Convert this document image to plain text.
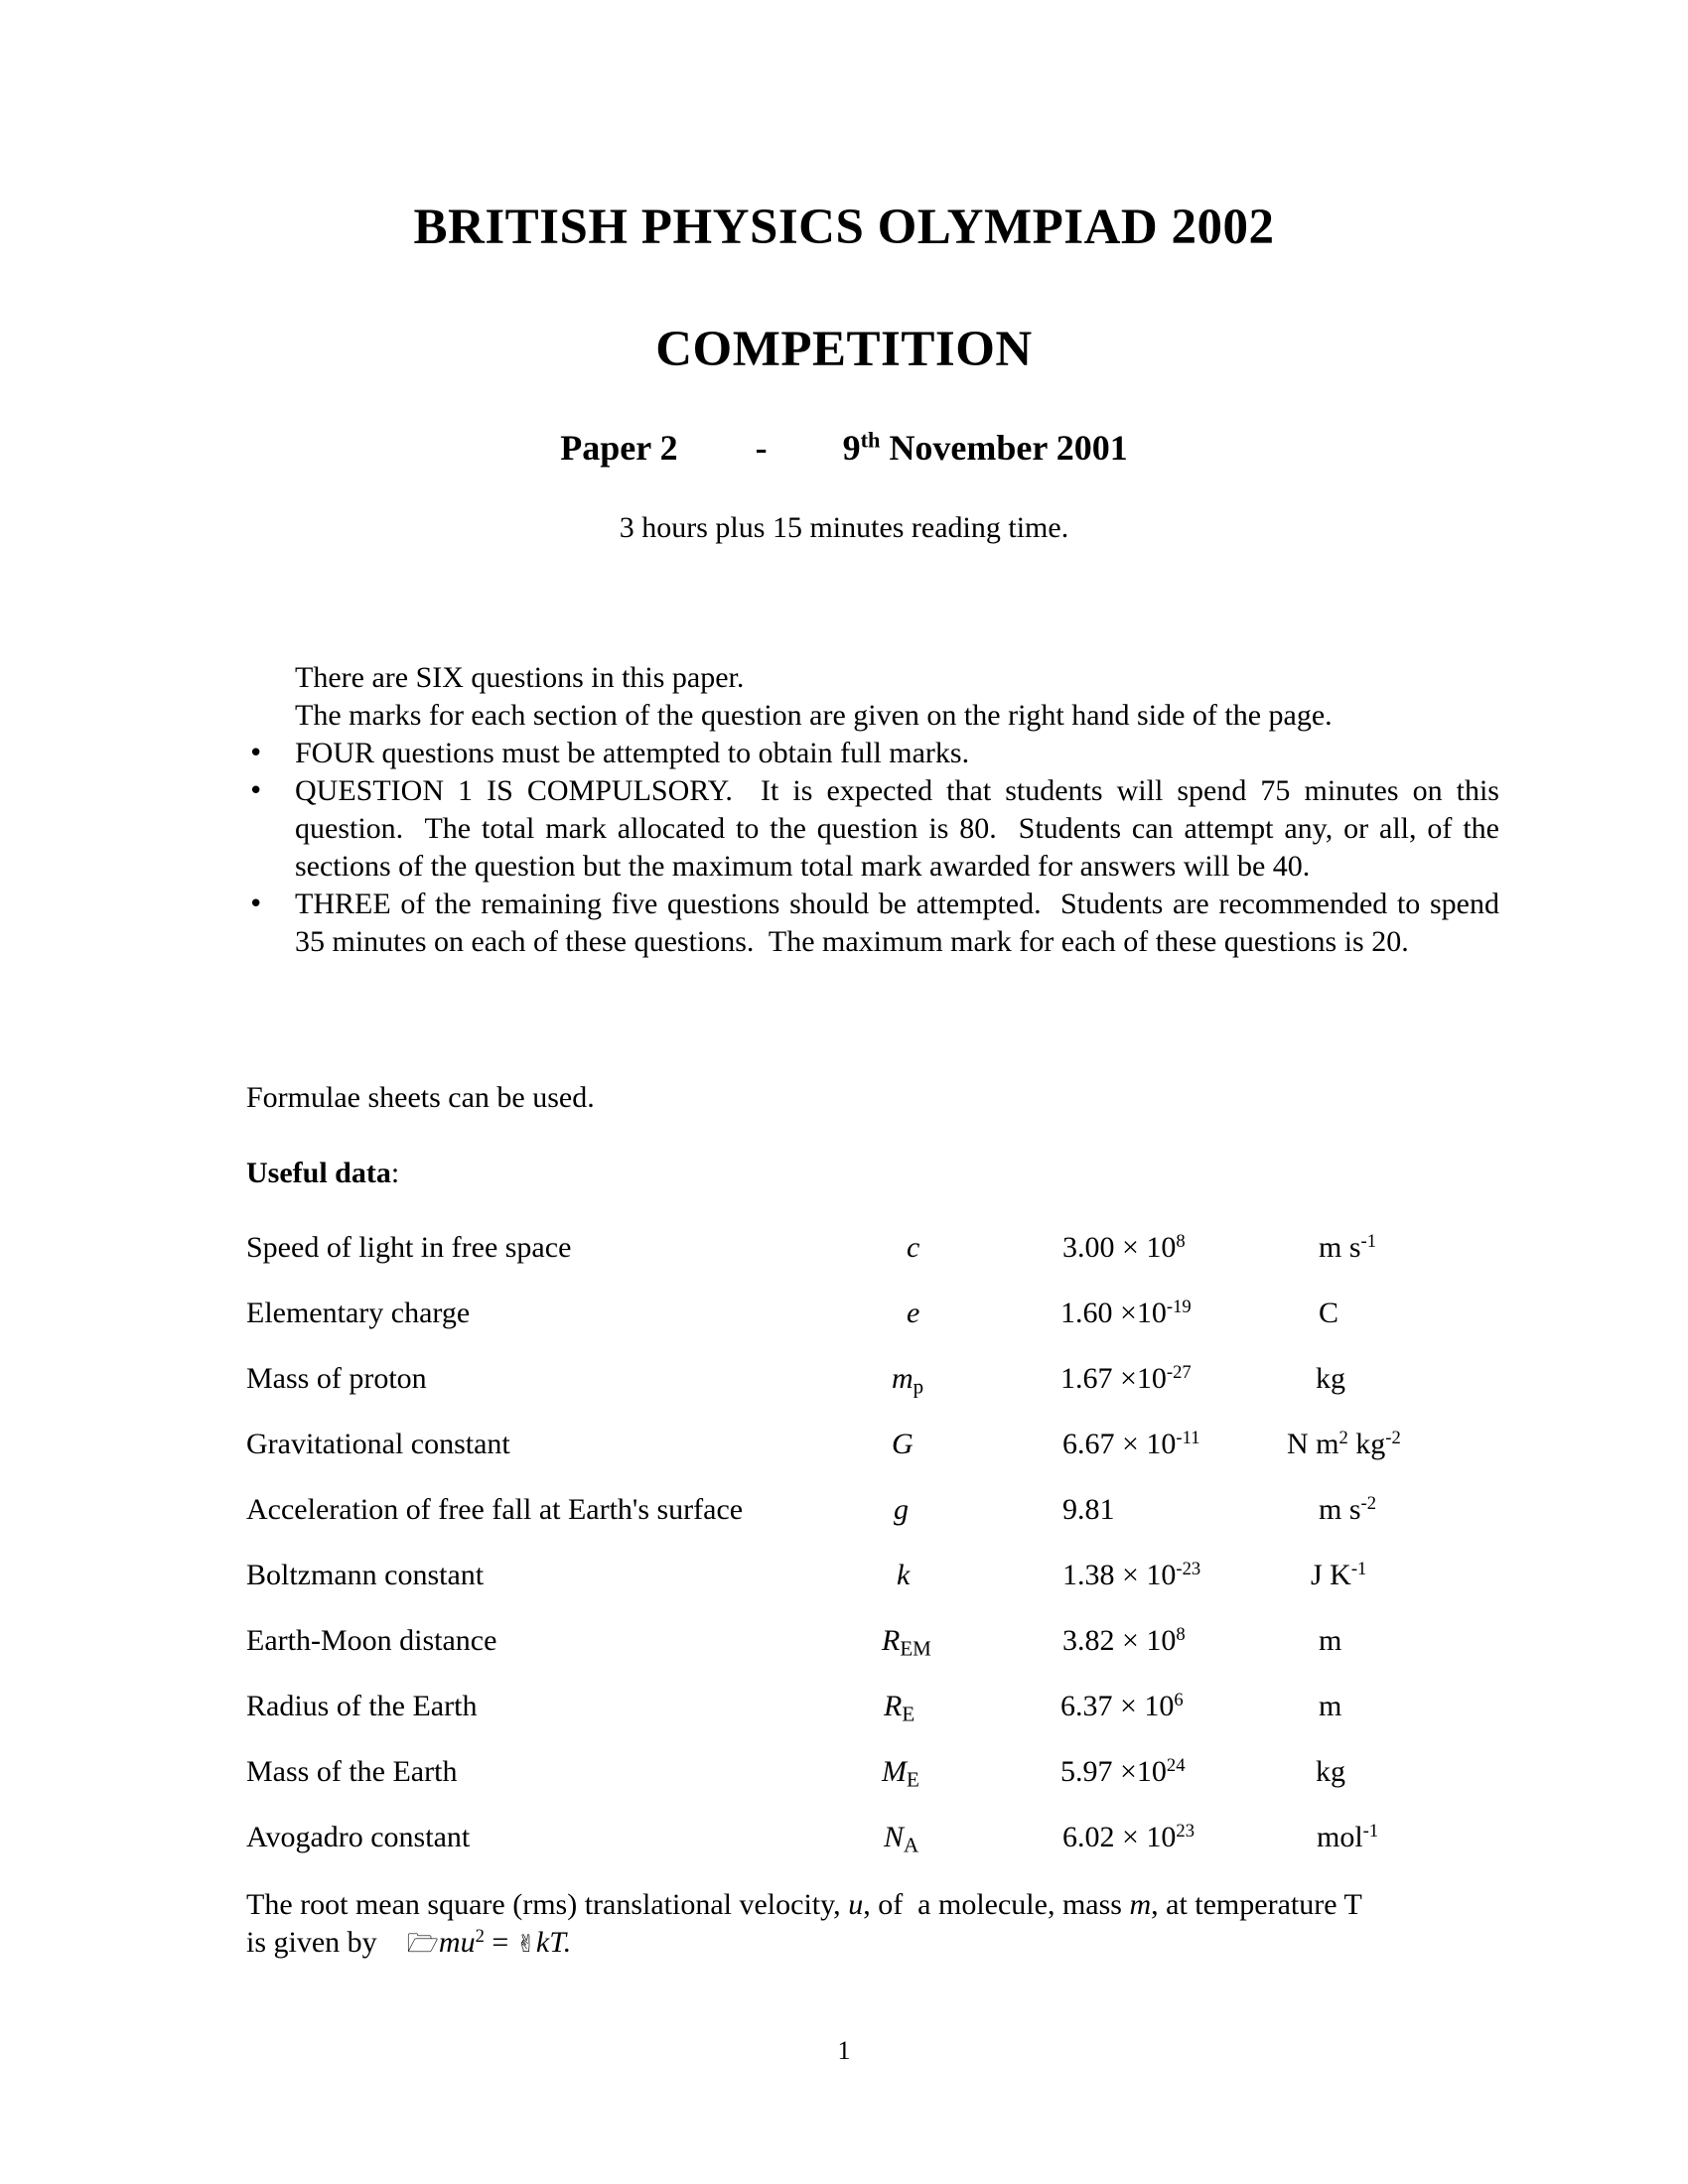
BRITISH PHYSICS OLYMPIAD 2002
COMPETITION
Paper 2 - 9th November 2001
3 hours plus 15 minutes reading time.
There are SIX questions in this paper.
The marks for each section of the question are given on the right hand side of the page.
FOUR questions must be attempted to obtain full marks.
QUESTION 1 IS COMPULSORY.  It is expected that students will spend 75 minutes on this question.  The total mark allocated to the question is 80.  Students can attempt any, or all, of the sections of the question but the maximum total mark awarded for answers will be 40.
THREE of the remaining five questions should be attempted.  Students are recommended to spend 35 minutes on each of these questions.  The maximum mark for each of these questions is 20.
Formulae sheets can be used.
Useful data:
Speed of light in free space	c	$3.00 \times 10^8$	m $s^{-1}$
Elementary charge	e	$1.60 \times 10^{-19}$	C
Mass of proton	$m_p$	$1.67 \times 10^{-27}$	kg
Gravitational constant	G	$6.67 \times 10^{-11}$	N $m^2$ $kg^{-2}$
Acceleration of free fall at Earth's surface	g	9.81	m $s^{-2}$
Boltzmann constant	k	$1.38 \times 10^{-23}$	J $K^{-1}$
Earth-Moon distance	$R_{EM}$	$3.82 \times 10^8$	m
Radius of the Earth	$R_E$	$6.37 \times 10^6$	m
Mass of the Earth	$M_E$	$5.97 \times 10^{24}$	kg
Avogadro constant	$N_A$	$6.02 \times 10^{23}$	mol$^{-1}$
The root mean square (rms) translational velocity, u, of  a molecule, mass m, at temperature T
is given by    $🗁mu^2$ = ✌kT.
1
